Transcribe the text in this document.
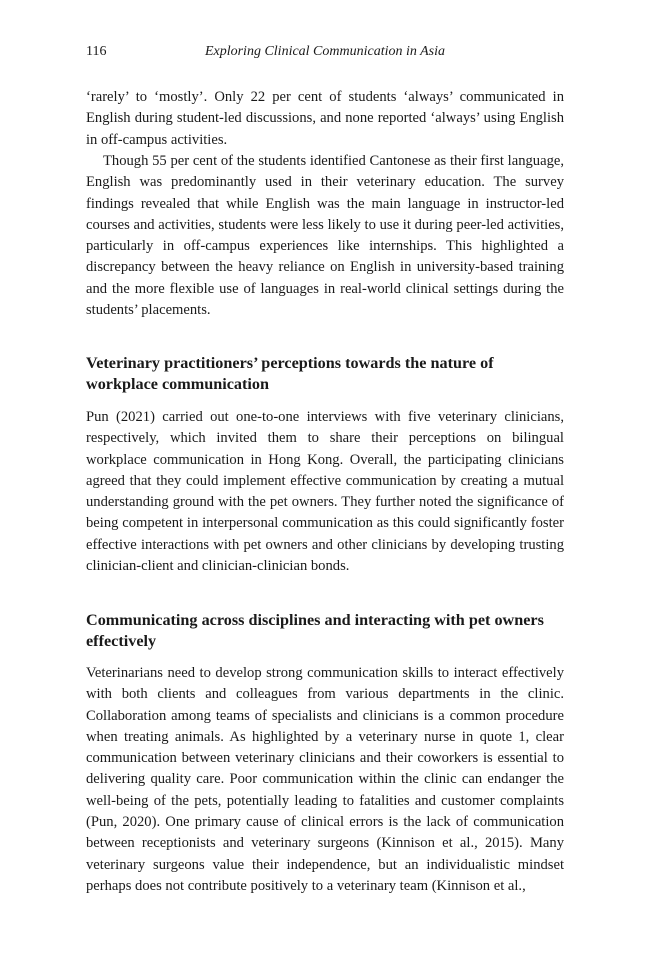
116	Exploring Clinical Communication in Asia

‘rarely’ to ‘mostly’. Only 22 per cent of students ‘always’ communicated in English during student-led discussions, and none reported ‘always’ using English in off-campus activities.

Though 55 per cent of the students identified Cantonese as their first language, English was predominantly used in their veterinary education. The survey findings revealed that while English was the main language in instructor-led courses and activities, students were less likely to use it during peer-led activities, particularly in off-campus experiences like internships. This highlighted a discrepancy between the heavy reliance on English in university-based training and the more flexible use of languages in real-world clinical settings during the students’ placements.

Veterinary practitioners’ perceptions towards the nature of workplace communication

Pun (2021) carried out one-to-one interviews with five veterinary clinicians, respectively, which invited them to share their perceptions on bilingual workplace communication in Hong Kong. Overall, the participating clinicians agreed that they could implement effective communication by creating a mutual understanding ground with the pet owners. They further noted the significance of being competent in interpersonal communication as this could significantly foster effective interactions with pet owners and other clinicians by developing trusting clinician-client and clinician-clinician bonds.

Communicating across disciplines and interacting with pet owners effectively

Veterinarians need to develop strong communication skills to interact effectively with both clients and colleagues from various departments in the clinic. Collaboration among teams of specialists and clinicians is a common procedure when treating animals. As highlighted by a veterinary nurse in quote 1, clear communication between veterinary clinicians and their coworkers is essential to delivering quality care. Poor communication within the clinic can endanger the well-being of the pets, potentially leading to fatalities and customer complaints (Pun, 2020). One primary cause of clinical errors is the lack of communication between receptionists and veterinary surgeons (Kinnison et al., 2015). Many veterinary surgeons value their independence, but an individualistic mindset perhaps does not contribute positively to a veterinary team (Kinnison et al.,
